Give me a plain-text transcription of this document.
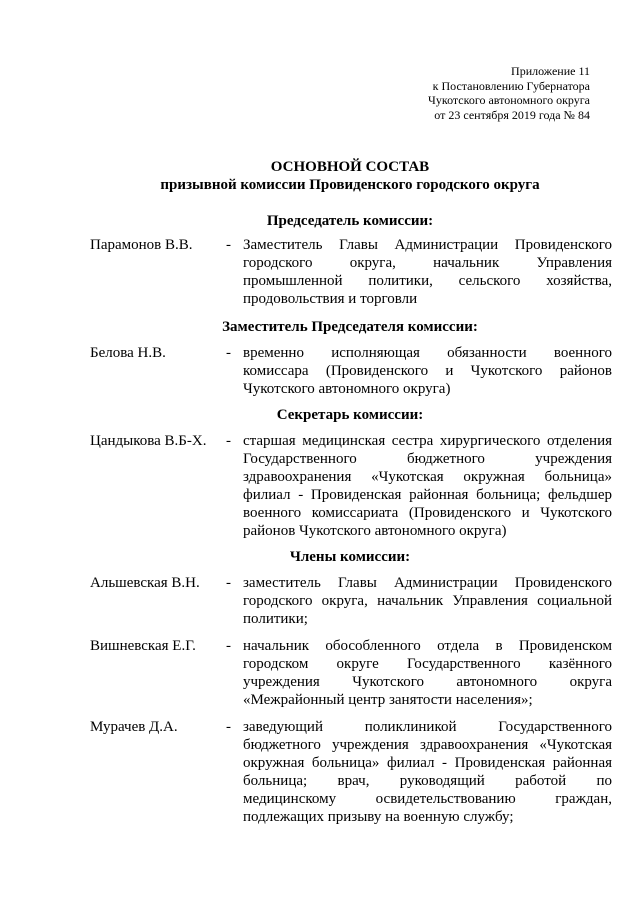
Приложение 11
к Постановлению Губернатора
Чукотского автономного округа
от 23 сентября 2019 года № 84
ОСНОВНОЙ СОСТАВ
призывной комиссии Провиденского городского округа
Председатель комиссии:
Парамонов В.В. - Заместитель Главы Администрации Провиденского
городского округа, начальник Управления
промышленной политики, сельского хозяйства,
продовольствия и торговли
Заместитель Председателя комиссии:
Белова Н.В.	- временно исполняющая обязанности военного
комиссара (Провиденского и Чукотского районов
Чукотского автономного округа)
Секретарь комиссии:
Цандыкова В.Б-Х. - старшая медицинская сестра хирургического отделения
Государственного бюджетного учреждения
здравоохранения «Чукотская окружная больница»
филиал - Провиденская районная больница; фельдшер
военного комиссариата (Провиденского и Чукотского
районов Чукотского автономного округа)
Члены комиссии:
Альшевская В.Н. - заместитель Главы Администрации Провиденского
городского округа, начальник Управления социальной
политики;
Вишневская Е.Г. - начальник обособленного отдела в Провиденском
городском округе Государственного казённого
учреждения Чукотского автономного округа
«Межрайонный центр занятости населения»;
Мурачев Д.А.	- заведующий поликлиникой Государственного
бюджетного учреждения здравоохранения «Чукотская
окружная больница» филиал - Провиденская районная
больница; врач, руководящий работой по
медицинскому освидетельствованию граждан,
подлежащих призыву на военную службу;
